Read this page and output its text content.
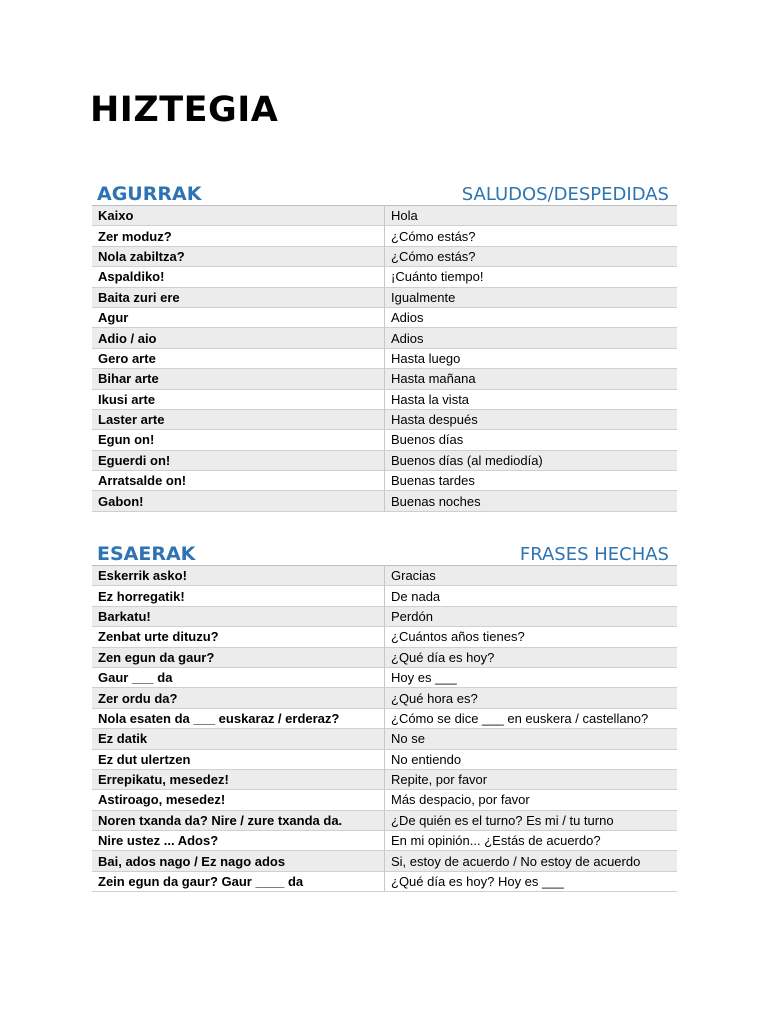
HIZTEGIA
AGURRAK	SALUDOS/DESPEDIDAS
Kaixo	Hola
Zer moduz?	¿Cómo estás?
Nola zabiltza?	¿Cómo estás?
Aspaldiko!	¡Cuánto tiempo!
Baita zuri ere	Igualmente
Agur	Adios
Adio / aio	Adios
Gero arte	Hasta luego
Bihar arte	Hasta mañana
Ikusi arte	Hasta la vista
Laster arte	Hasta después
Egun on!	Buenos días
Eguerdi on!	Buenos días (al mediodía)
Arratsalde on!	Buenas tardes
Gabon!	Buenas noches
ESAERAK	FRASES HECHAS
Eskerrik asko!	Gracias
Ez horregatik!	De nada
Barkatu!	Perdón
Zenbat urte dituzu?	¿Cuántos años tienes?
Zen egun da gaur?	¿Qué día es hoy?
Gaur ___ da	Hoy es ___
Zer ordu da?	¿Qué hora es?
Nola esaten da ___ euskaraz / erderaz?	¿Cómo se dice ___ en euskera / castellano?
Ez datik	No se
Ez dut ulertzen	No entiendo
Errepikatu, mesedez!	Repite, por favor
Astiroago, mesedez!	Más despacio, por favor
Noren txanda da? Nire / zure txanda da.	¿De quién es el turno? Es mi / tu turno
Nire ustez ... Ados?	En mi opinión... ¿Estás de acuerdo?
Bai, ados nago / Ez nago ados	Si, estoy de acuerdo / No estoy de acuerdo
Zein egun da gaur? Gaur ____ da	¿Qué día es hoy? Hoy es ___
